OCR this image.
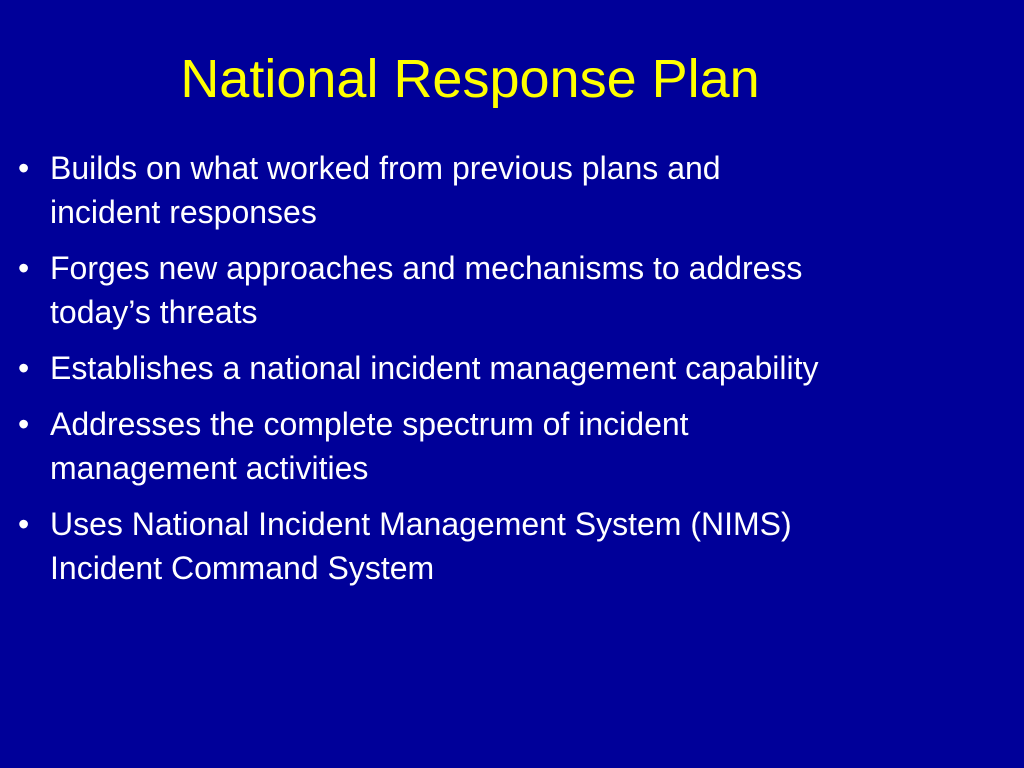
National Response Plan
• Builds on what worked from previous plans and
incident responses
• Forges new approaches and mechanisms to address
today’s threats
• Establishes a national incident management capability
• Addresses the complete spectrum of incident
management activities
• Uses National Incident Management System (NIMS)
Incident Command System
